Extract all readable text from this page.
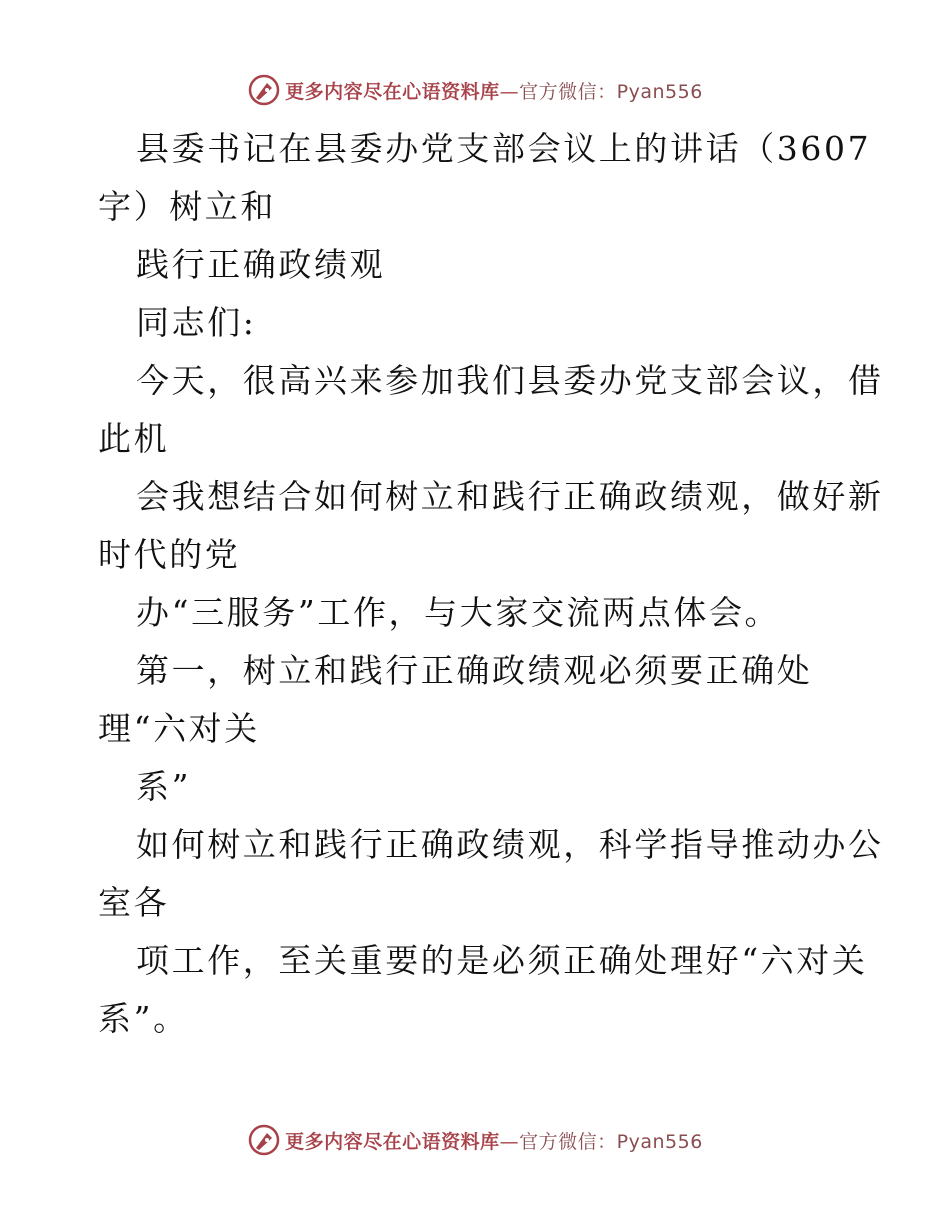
更多内容尽在心语资料库—官方微信：Pyan556
县委书记在县委办党支部会议上的讲话（3607
字）树立和
践行正确政绩观
同志们:
今天，很高兴来参加我们县委办党支部会议，借
此机
会我想结合如何树立和践行正确政绩观，做好新
时代的党
办“三服务”工作，与大家交流两点体会。
第一，树立和践行正确政绩观必须要正确处
理“六对关
系”
如何树立和践行正确政绩观，科学指导推动办公
室各
项工作，至关重要的是必须正确处理好“六对关
系”。
更多内容尽在心语资料库—官方微信：Pyan556
